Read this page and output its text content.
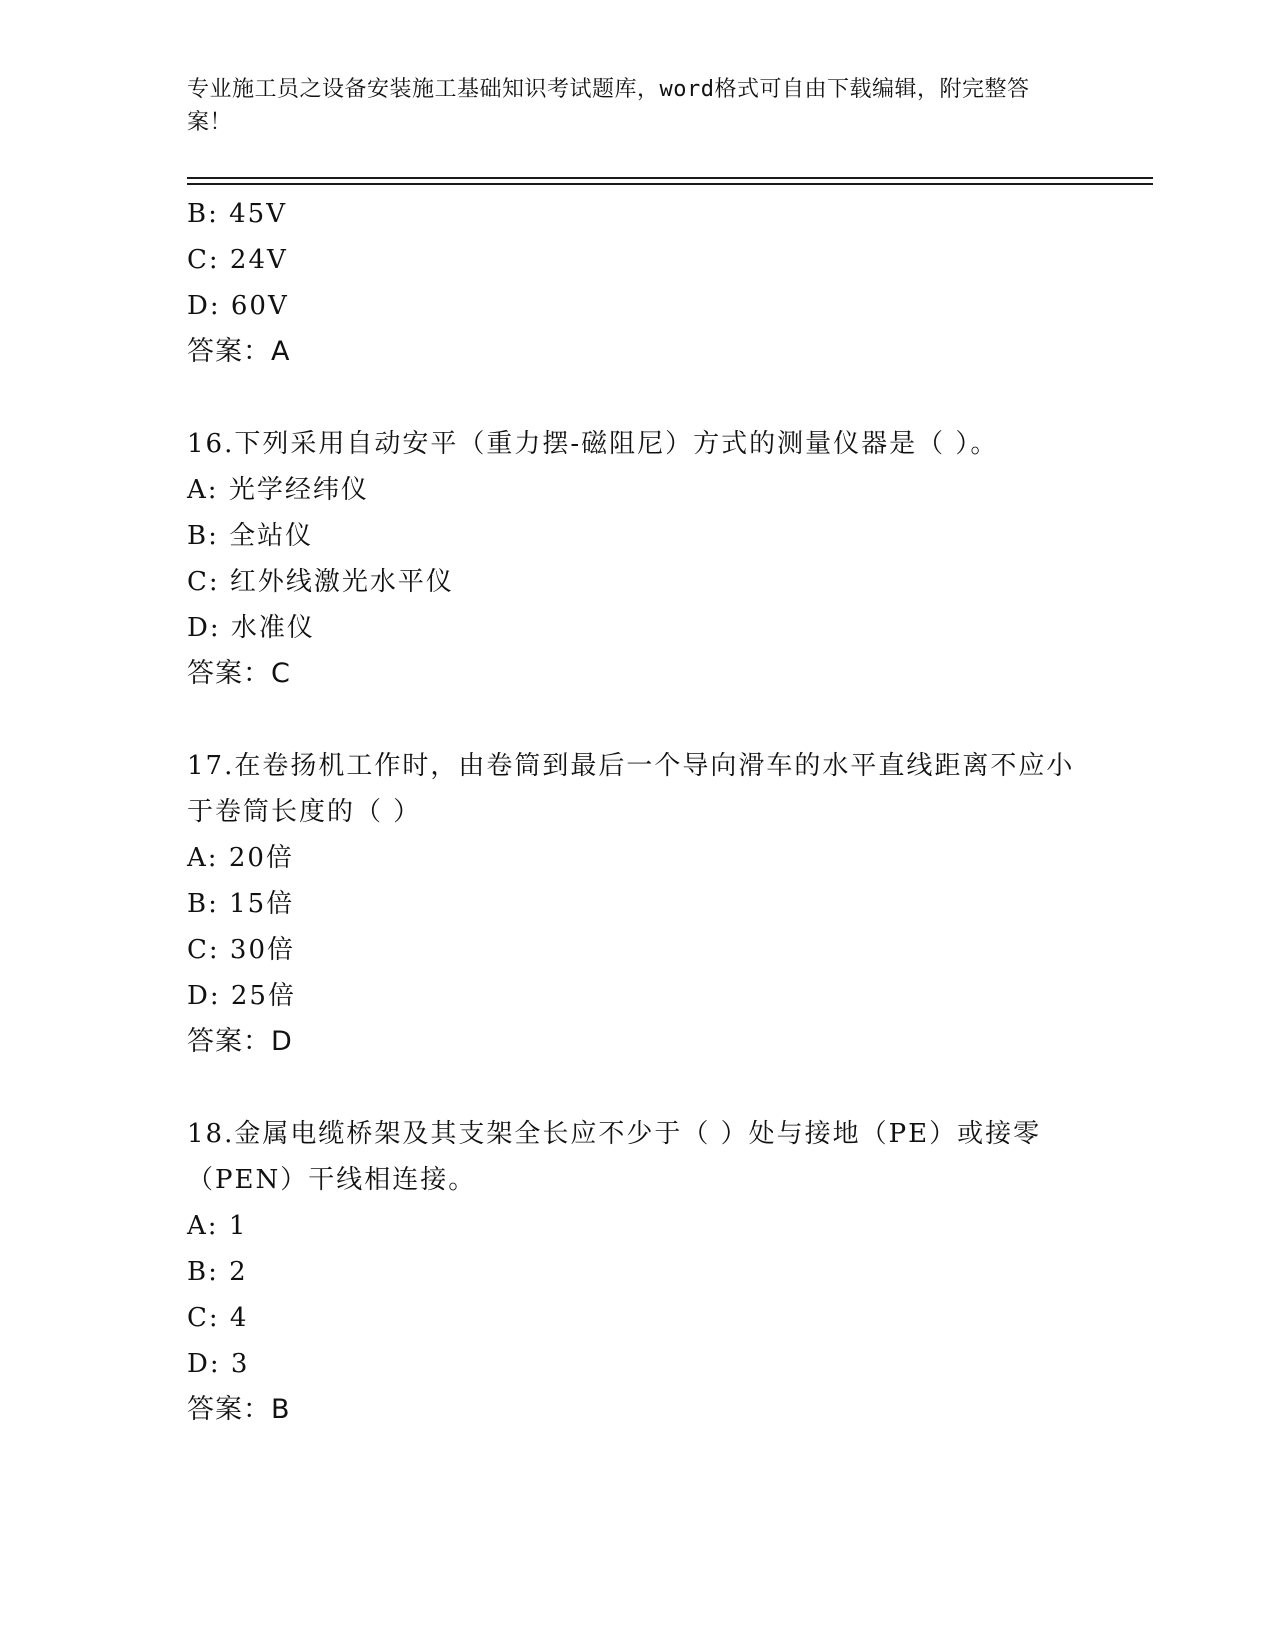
专业施工员之设备安装施工基础知识考试题库，word格式可自由下载编辑，附完整答案！
B: 45V
C: 24V
D: 60V
答案：A
16.下列采用自动安平（重力摆-磁阻尼）方式的测量仪器是（ ）。
A: 光学经纬仪
B: 全站仪
C: 红外线激光水平仪
D: 水准仪
答案：C
17.在卷扬机工作时，由卷筒到最后一个导向滑车的水平直线距离不应小于卷筒长度的（ ）
A: 20倍
B: 15倍
C: 30倍
D: 25倍
答案：D
18.金属电缆桥架及其支架全长应不少于（ ）处与接地（PE）或接零（PEN）干线相连接。
A: 1
B: 2
C: 4
D: 3
答案：B
